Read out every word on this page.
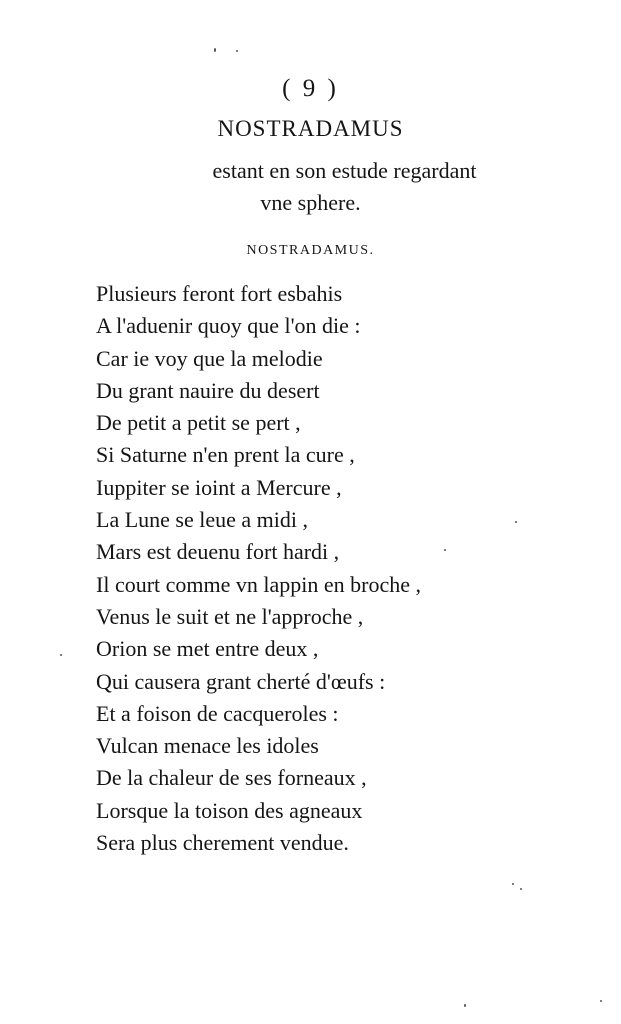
( 9 )
NOSTRADAMUS
estant en son estude regardant
vne sphere.
NOSTRADAMUS.
Plusieurs feront fort esbahis
A l'aduenir quoy que l'on die :
Car ie voy que la melodie
Du grant nauire du desert
De petit a petit se pert ,
Si Saturne n'en prent la cure ,
Iuppiter se ioint a Mercure ,
La Lune se leue a midi ,
Mars est deuenu fort hardi ,
Il court comme vn lappin en broche ,
Venus le suit et ne l'approche ,
Orion se met entre deux ,
Qui causera grant cherté d'œufs :
Et a foison de cacqueroles :
Vulcan menace les idoles
De la chaleur de ses forneaux ,
Lorsque la toison des agneaux
Sera plus cherement vendue.
